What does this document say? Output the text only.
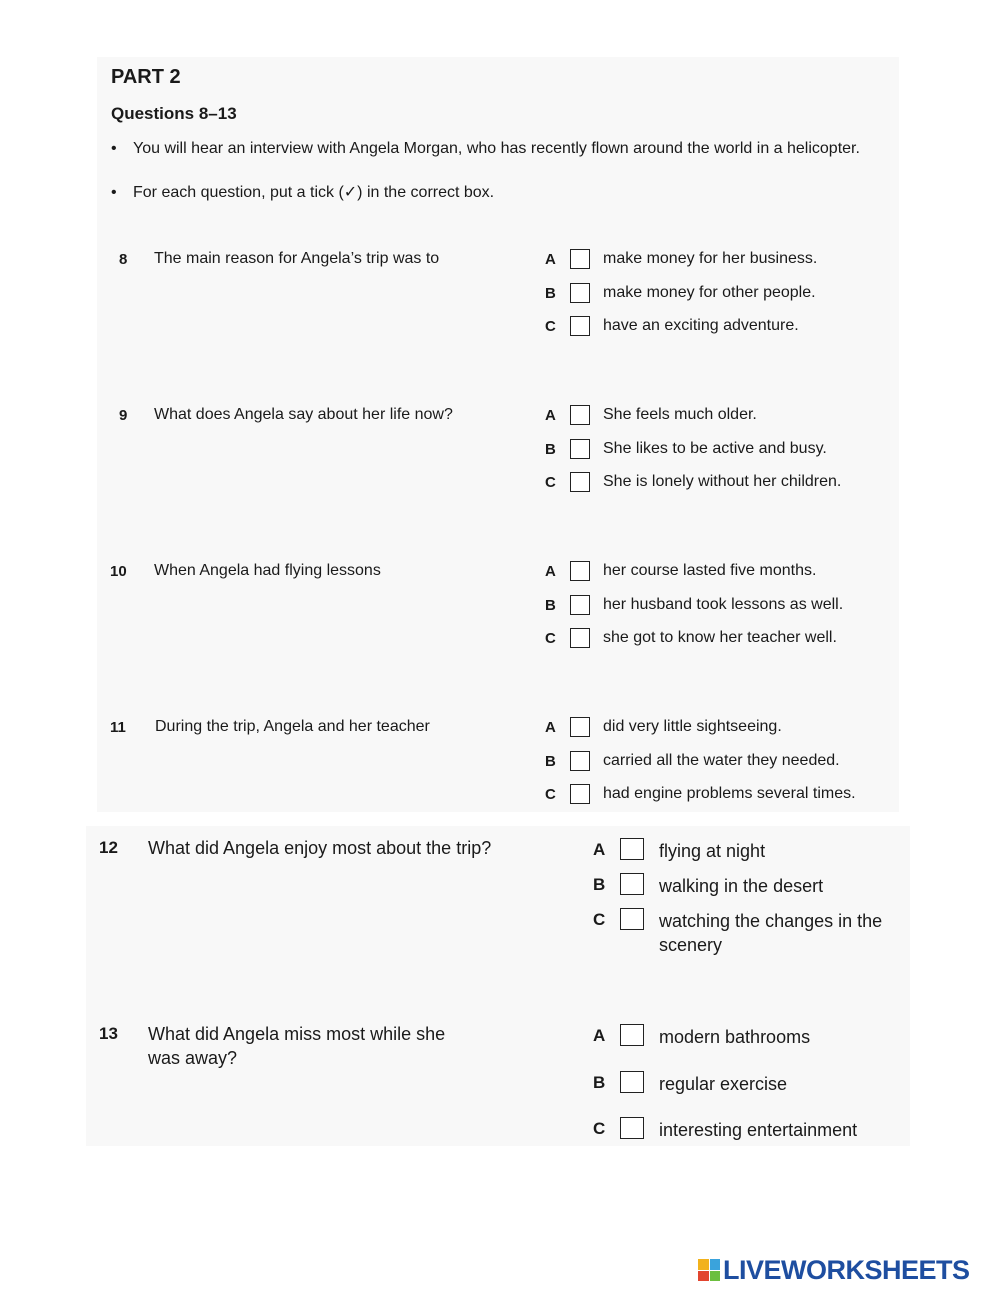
PART 2
Questions 8–13
• You will hear an interview with Angela Morgan, who has recently flown around the world in a helicopter.
• For each question, put a tick (✓) in the correct box.
8 The main reason for Angela’s trip was to	A	make money for her business.
B	make money for other people.
C	have an exciting adventure.
9 What does Angela say about her life now?	A	She feels much older.
B	She likes to be active and busy.
C	She is lonely without her children.
10 When Angela had flying lessons	A	her course lasted five months.
B	her husband took lessons as well.
C	she got to know her teacher well.
11 During the trip, Angela and her teacher	A	did very little sightseeing.
B	carried all the water they needed.
C	had engine problems several times.
12 What did Angela enjoy most about the trip?	A	flying at night
B	walking in the desert
C	watching the changes in the scenery
13 What did Angela miss most while she was away?
A	modern bathrooms
B	regular exercise
C	interesting entertainment
LIVEWORKSHEETS
